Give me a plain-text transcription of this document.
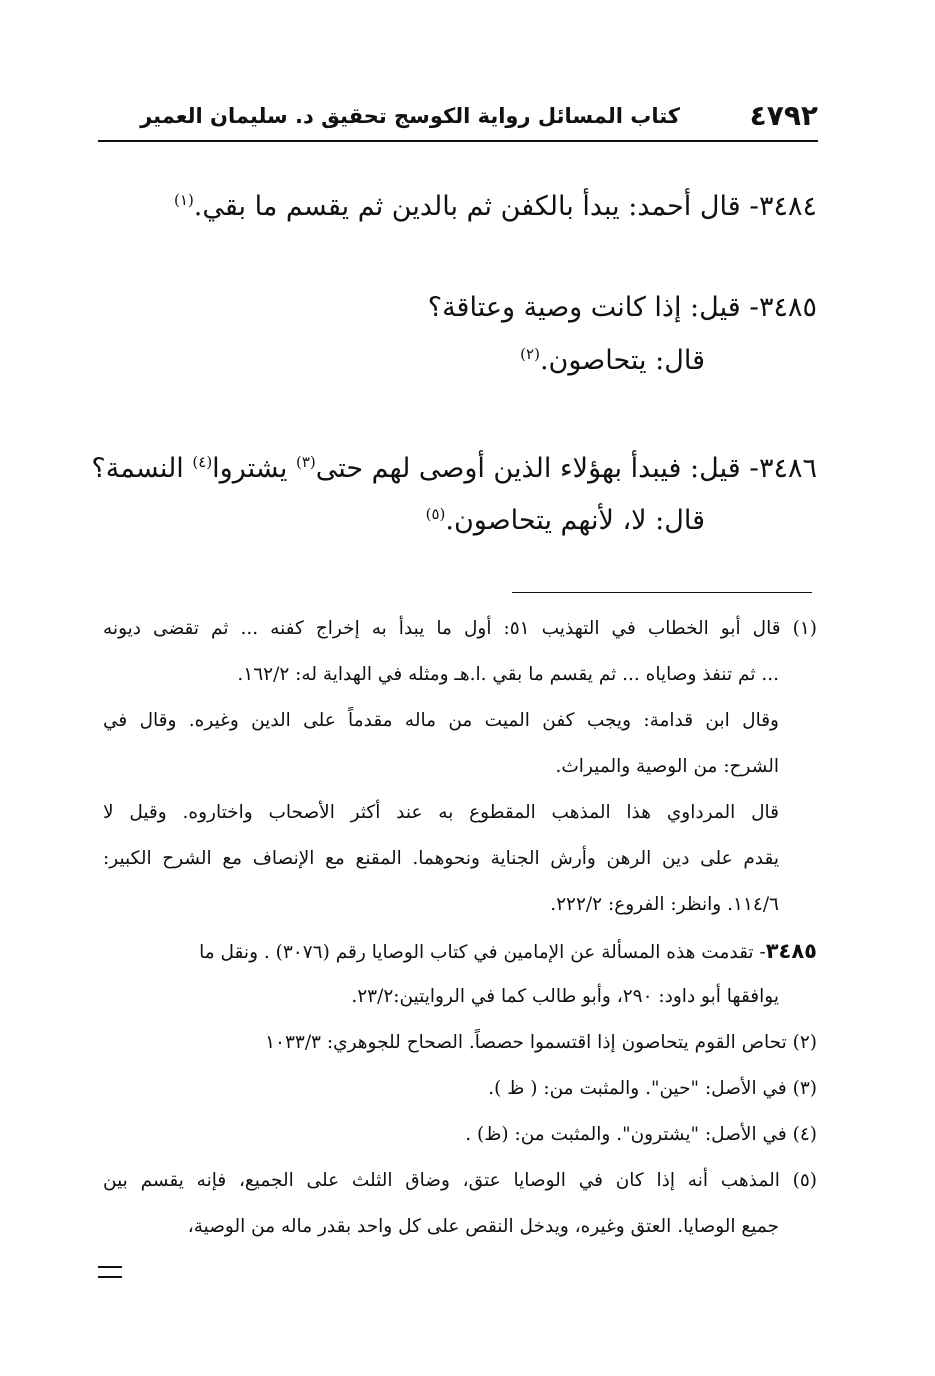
٤٧٩٢
كتاب المسائل رواية الكوسج تحقيق د. سليمان العمير
٣٤٨٤- قال أحمد: يبدأ بالكفن ثم بالدين ثم يقسم ما بقي.$^{(١)}$
٣٤٨٥- قيل: إذا كانت وصية وعتاقة؟
قال: يتحاصون.$^{(٢)}$
٣٤٨٦- قيل: فيبدأ بهؤلاء الذين أوصى لهم حتى$^{(٣)}$ يشتروا$^{(٤)}$ النسمة؟
قال: لا، لأنهم يتحاصون.$^{(٥)}$
(١) قال أبو الخطاب في التهذيب ٥١: أول ما يبدأ به إخراج كفنه ... ثم تقضى ديونه
... ثم تنفذ وصاياه ... ثم يقسم ما بقي .ا.هـ ومثله في الهداية له: ١٦٢/٢.
وقال ابن قدامة: ويجب كفن الميت من ماله مقدماً على الدين وغيره. وقال في
الشرح: من الوصية والميراث.
قال المرداوي هذا المذهب المقطوع به عند أكثر الأصحاب واختاروه. وقيل لا
يقدم على دين الرهن وأرش الجناية ونحوهما. المقنع مع الإنصاف مع الشرح الكبير:
١١٤/٦. وانظر: الفروع: ٢٢٢/٢.
٣٤٨٥- تقدمت هذه المسألة عن الإمامين في كتاب الوصايا رقم (٣٠٧٦) . ونقل ما
يوافقها أبو داود: ٢٩٠، وأبو طالب كما في الروايتين:٢٣/٢.
(٢) تحاص القوم يتحاصون إذا اقتسموا حصصاً. الصحاح للجوهري: ١٠٣٣/٣
(٣) في الأصل: "حين". والمثبت من: ( ظ ).
(٤) في الأصل: "يشترون". والمثبت من: (ظ) .
(٥) المذهب أنه إذا كان في الوصايا عتق، وضاق الثلث على الجميع، فإنه يقسم بين
جميع الوصايا. العتق وغيره، ويدخل النقص على كل واحد بقدر ماله من الوصية،
